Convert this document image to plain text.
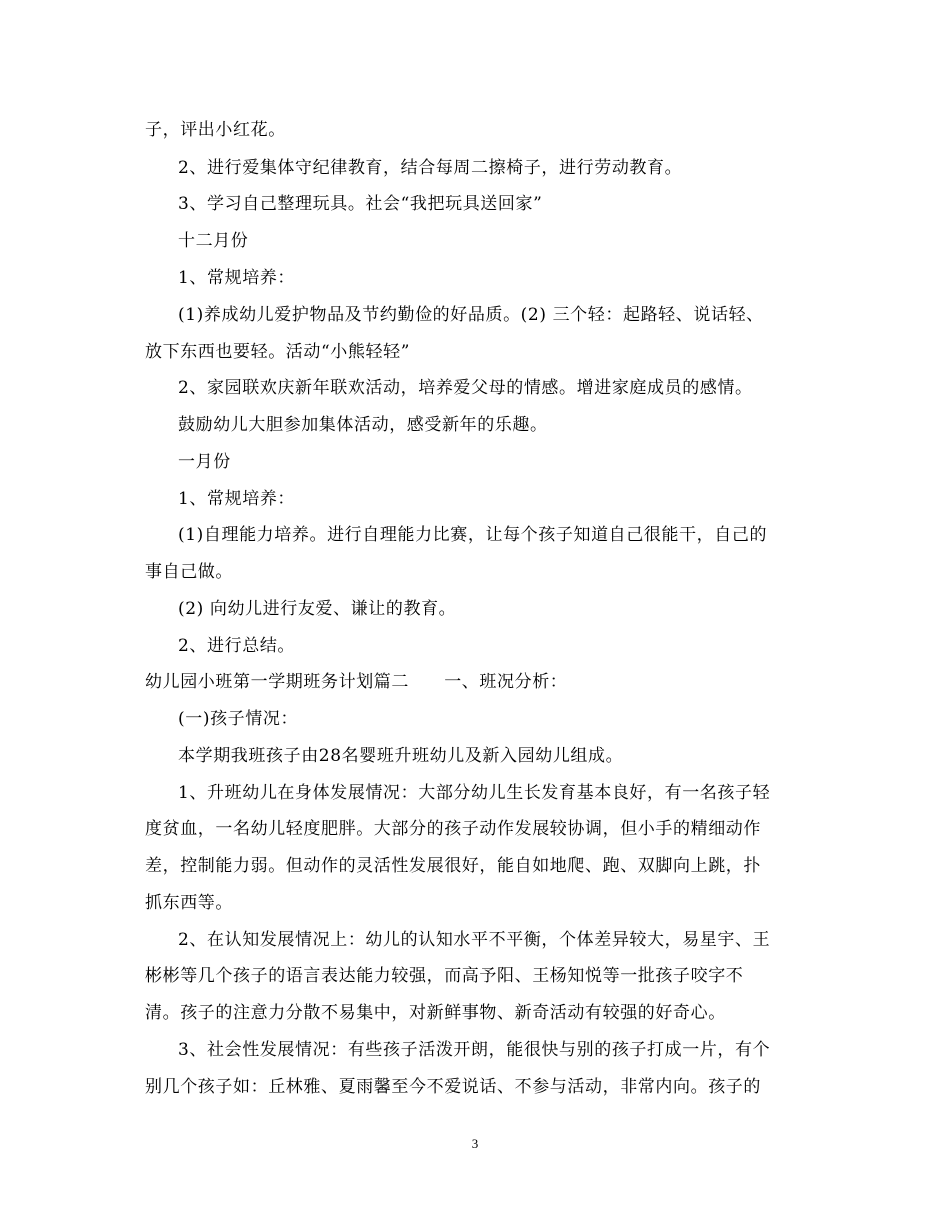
子，评出小红花。
2、进行爱集体守纪律教育，结合每周二擦椅子，进行劳动教育。
3、学习自己整理玩具。社会“我把玩具送回家”
十二月份
1、常规培养：
(1)养成幼儿爱护物品及节约勤俭的好品质。(2) 三个轻：起路轻、说话轻、
放下东西也要轻。活动“小熊轻轻”
2、家园联欢庆新年联欢活动，培养爱父母的情感。增进家庭成员的感情。
鼓励幼儿大胆参加集体活动，感受新年的乐趣。
一月份
1、常规培养：
(1)自理能力培养。进行自理能力比赛，让每个孩子知道自己很能干，自己的
事自己做。
(2) 向幼儿进行友爱、谦让的教育。
2、进行总结。
幼儿园小班第一学期班务计划篇二　　一、班况分析：
(一)孩子情况：
本学期我班孩子由28名婴班升班幼儿及新入园幼儿组成。
1、升班幼儿在身体发展情况：大部分幼儿生长发育基本良好，有一名孩子轻
度贫血，一名幼儿轻度肥胖。大部分的孩子动作发展较协调，但小手的精细动作
差，控制能力弱。但动作的灵活性发展很好，能自如地爬、跑、双脚向上跳，扑
抓东西等。
2、在认知发展情况上：幼儿的认知水平不平衡，个体差异较大，易星宇、王
彬彬等几个孩子的语言表达能力较强，而高予阳、王杨知悦等一批孩子咬字不
清。孩子的注意力分散不易集中，对新鲜事物、新奇活动有较强的好奇心。
3、社会性发展情况：有些孩子活泼开朗，能很快与别的孩子打成一片，有个
别几个孩子如：丘林雅、夏雨馨至今不爱说话、不参与活动，非常内向。孩子的
3
